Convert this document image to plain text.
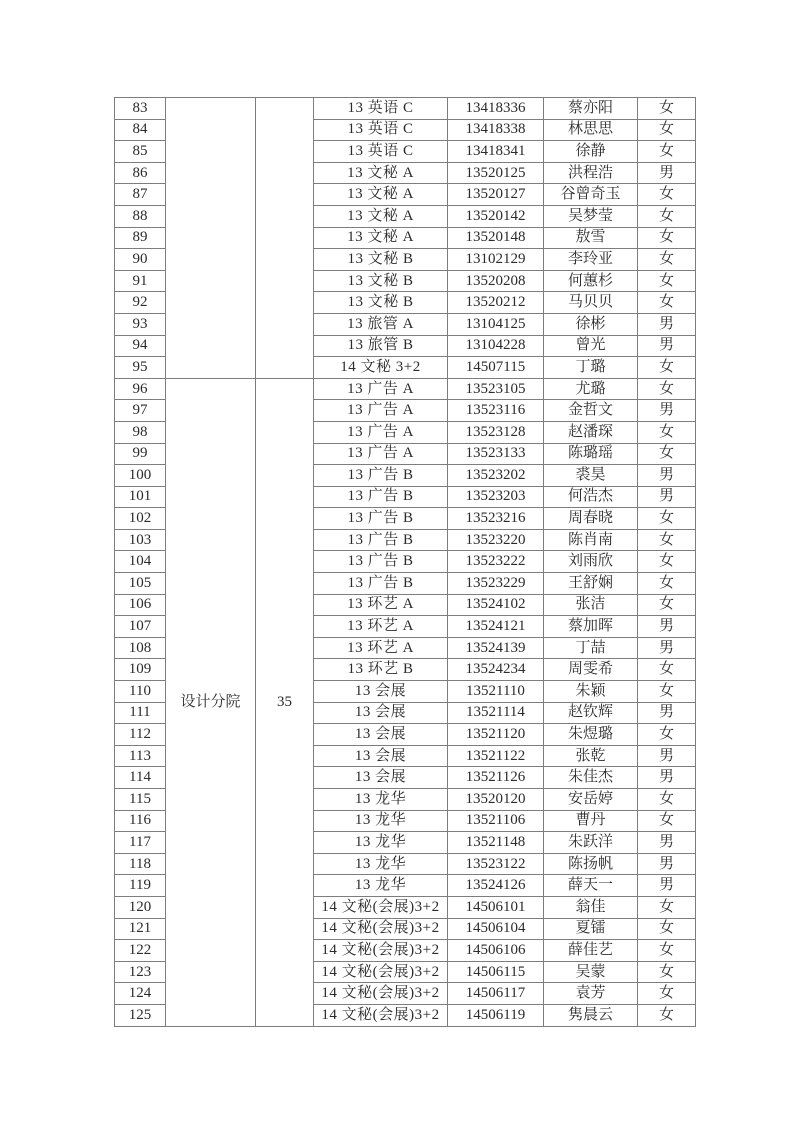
83			13 英语 C	13418336	蔡亦阳	女
84			13 英语 C	13418338	林思思	女
85			13 英语 C	13418341	徐静	女
86			13 文秘 A	13520125	洪程浩	男
87			13 文秘 A	13520127	谷曾奇玉	女
88			13 文秘 A	13520142	吴梦莹	女
89			13 文秘 A	13520148	敖雪	女
90			13 文秘 B	13102129	李玲亚	女
91			13 文秘 B	13520208	何蕙杉	女
92			13 文秘 B	13520212	马贝贝	女
93			13 旅管 A	13104125	徐彬	男
94			13 旅管 B	13104228	曾光	男
95			14 文秘 3+2	14507115	丁璐	女
96	设计分院	35	13 广告 A	13523105	尤璐	女
97			13 广告 A	13523116	金哲文	男
98			13 广告 A	13523128	赵潘琛	女
99			13 广告 A	13523133	陈璐瑶	女
100			13 广告 B	13523202	裘昊	男
101			13 广告 B	13523203	何浩杰	男
102			13 广告 B	13523216	周春晓	女
103			13 广告 B	13523220	陈肖南	女
104			13 广告 B	13523222	刘雨欣	女
105			13 广告 B	13523229	王舒娴	女
106			13 环艺 A	13524102	张洁	女
107			13 环艺 A	13524121	蔡加晖	男
108			13 环艺 A	13524139	丁喆	男
109			13 环艺 B	13524234	周雯希	女
110			13 会展	13521110	朱颖	女
111			13 会展	13521114	赵钦辉	男
112			13 会展	13521120	朱煜璐	女
113			13 会展	13521122	张乾	男
114			13 会展	13521126	朱佳杰	男
115			13 龙华	13520120	安岳婷	女
116			13 龙华	13521106	曹丹	女
117			13 龙华	13521148	朱跃洋	男
118			13 龙华	13523122	陈扬帆	男
119			13 龙华	13524126	薛天一	男
120			14 文秘(会展)3+2	14506101	翁佳	女
121			14 文秘(会展)3+2	14506104	夏镭	女
122			14 文秘(会展)3+2	14506106	薛佳艺	女
123			14 文秘(会展)3+2	14506115	吴蒙	女
124			14 文秘(会展)3+2	14506117	袁芳	女
125			14 文秘(会展)3+2	14506119	隽晨云	女
